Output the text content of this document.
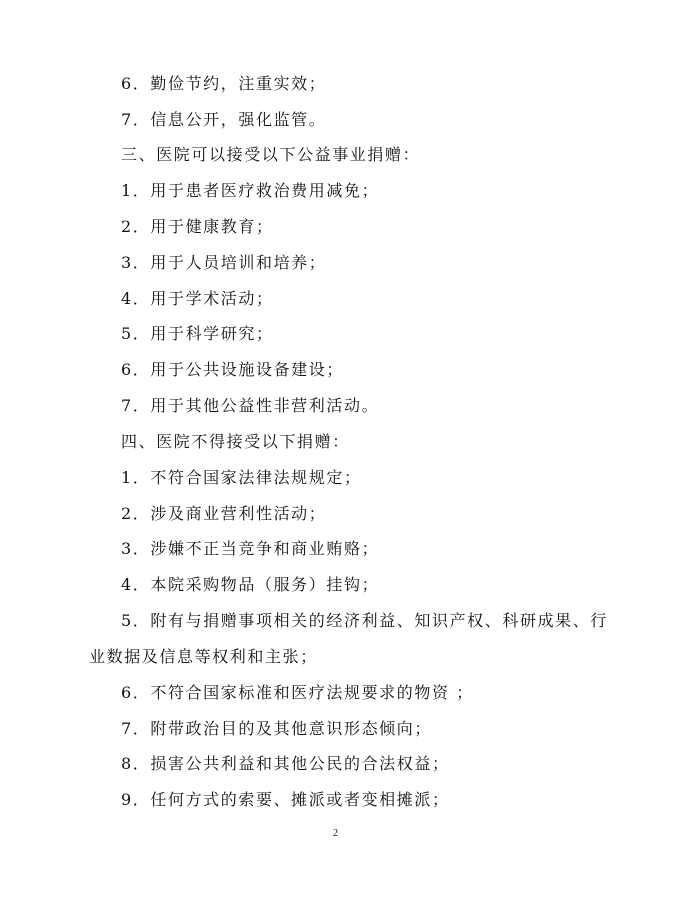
6．勤俭节约，注重实效；
7．信息公开，强化监管。
三、医院可以接受以下公益事业捐赠：
1．用于患者医疗救治费用减免；
2．用于健康教育；
3．用于人员培训和培养；
4．用于学术活动；
5．用于科学研究；
6．用于公共设施设备建设；
7．用于其他公益性非营利活动。
四、医院不得接受以下捐赠：
1．不符合国家法律法规规定；
2．涉及商业营利性活动；
3．涉嫌不正当竞争和商业贿赂；
4．本院采购物品（服务）挂钩；
5．附有与捐赠事项相关的经济利益、知识产权、科研成果、行
业数据及信息等权利和主张；
6．不符合国家标准和医疗法规要求的物资 ；
7．附带政治目的及其他意识形态倾向；
8．损害公共利益和其他公民的合法权益；
9．任何方式的索要、摊派或者变相摊派；
2
